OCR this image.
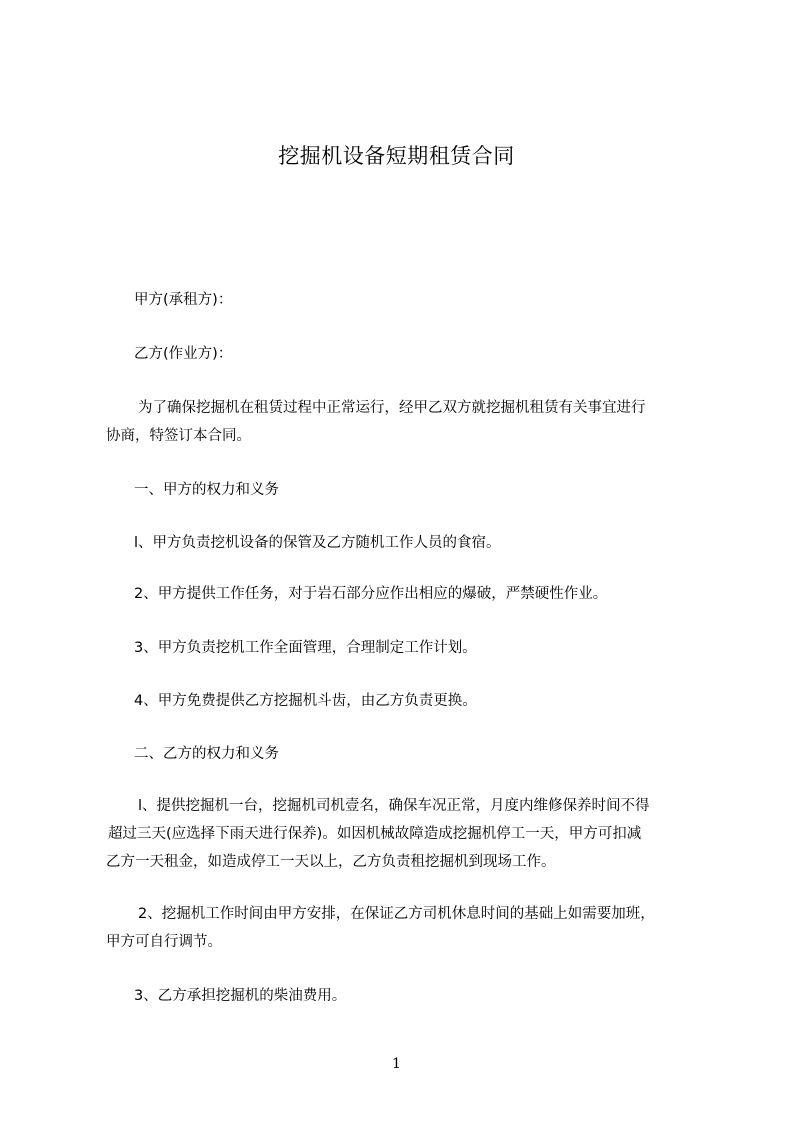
挖掘机设备短期租赁合同

甲方(承租方)：

乙方(作业方)：

为了确保挖掘机在租赁过程中正常运行，经甲乙双方就挖掘机租赁有关事宜进行
协商，特签订本合同。

一、甲方的权力和义务

l、甲方负责挖机设备的保管及乙方随机工作人员的食宿。

2、甲方提供工作任务，对于岩石部分应作出相应的爆破，严禁硬性作业。

3、甲方负责挖机工作全面管理，合理制定工作计划。

4、甲方免费提供乙方挖掘机斗齿，由乙方负责更换。

二、乙方的权力和义务

l、提供挖掘机一台，挖掘机司机壹名，确保车况正常，月度内维修保养时间不得
超过三天(应选择下雨天进行保养)。如因机械故障造成挖掘机停工一天，甲方可扣减
乙方一天租金，如造成停工一天以上，乙方负责租挖掘机到现场工作。
2、挖掘机工作时间由甲方安排，在保证乙方司机休息时间的基础上如需要加班，
甲方可自行调节。

3、乙方承担挖掘机的柴油费用。

1
